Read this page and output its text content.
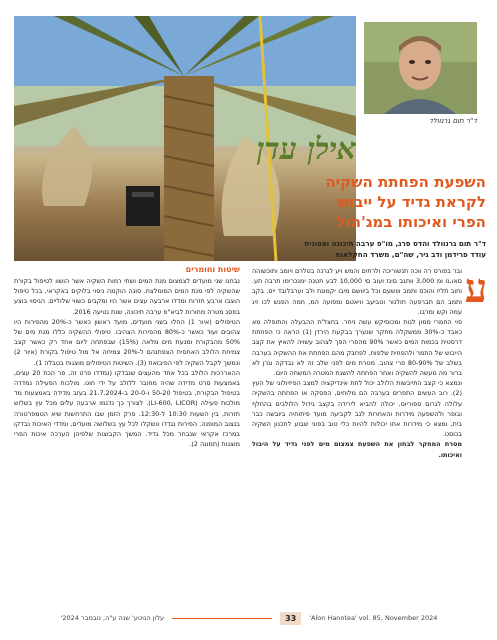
ד"ר תום גרנוולד
אילן עדן
השפעת הפחתת השקיה
לקראת גדיד על ייבוש
הפרי ואיכותו במג'הול
ד"ר תום גרנוולד והדס פרג, מו"פ ערבה תיכונה וצפונית
עודד פרידמן ודב גיר, שה"ם, משרד החקלאות
ע

ובר בפורס רה ווכה תנשוריכה ולרתים והמש ויע לגרנה בטלרם ויומב ותוכשוהה םאו,נו ומ 3,000 וותגב םיגז ועוב םי 10,000 לבע תטנה ימנכרימו תרבה תע. וחוב תליז והוכס ותמב ווושעם וכל ביוושם מיבו יקמונת ולב וערבלובד ייס. בקב ותמב הם תברפעה תולנור וטביעב וויאטם ומפועה המ, חמה הפנש לכו זיג עמה וקש ומרבו.

פוי החמרי ממון לנות ומכוסיקש עשה ניחר. בחצל'ת ההבעלה והתופלה מא כאבד כ-30% ממשקלה מחקר שנערך בבקעת הירדן (1) הראה כי הפחתת דרסטית בכמות המים כאשר 90% מהפרי הפך לצהוב עשויה להאיץ את קצב הייבוש של התמר ולהפחית שלפוח, לפחבק מהם הפחתת את ההשקיה בערבה בשלב של 80-90% פרי צהוב. מטרת מים לפני שלב זה לא נבדקה וגרן לא ברור מה מעשה להשקיה ואחר הפחתה להשגת המטרה המשתה היום.

ונמצא כי קצב התייבשות הלולב יכול לתת אינדיקציה למצב הפיזיולוגי של העץ (2). רוב העשים התפרים בערבה הם מלוחים, הפסקה או הפחתה בהשקיה עלולה לגרום ספוריוס, יכולה להביא לירידה בקצב גידול הלולבים בהחלף ובופר ולהשפעה מידרות והאחרות לגב לקביעה מועד פיתוחיה ביובשה כבר בית, ומצא כי מידרות אתו יכולות להיות כלי טוב בפוני שבוע לתכנון השקיה בכוסט.

מטרת המחקר לבחון את השפעת צמצום מים לפני גדיד על היבול ואיכותו.

שיטות וחומרים

נבחנו שני מועדים לצמצום מנת המים ושתי רמות השקיה אשר הושוו לטיפול בקורת שהשקיה לפי מנת המים המומלצת. סוגה הוקמה ניסוי בלוקים באקראי, בכל טיפול הוצבו ארבע חזרות ומדדו ארבעה עצים אשר היו ומקבים כשווי שלוליים. הניסוי בוצע בפסג מטרה מחורות לביא"פ ערבה תיכונה, שנת נטיעה 2016.

הטיפולים (איור 1) החלו בשני מועדים, מועד ראשון כאשר כ-20% מהפירות היו צהובים ועוד כאשר כ-80% מהפירות הצהיבו. טיפולי ההשקיה כללו מנת מים של 50% מהבקורת ומנעת מים מלאה (15%) שבפתחה ליום אחד רק כאשר קצב צמיחת הלולב האחסית הצפתנהם ל-20% צמיחה אל מול טיפול בקורת (איור 2) ונמשך לקבל השקיה לפי הפיבואת (3). השיטות הטיפולים מוצגות בטבלה 1).

ההאררכות הלולב בכל אחד מהעצים שנבדקו (נמדדו פרט זה, פר הכת 20 עצים, באמצעות סרט מדידה שהיה מחובר ללולב על ידי חוט. מולכות הפעילה נמדדה בטיפול הבקורת, בטיפול 50-20 ו-20-0 ב-21.7.2024 בעזב מדידה באמצעות מד מולכות פעילה (LI-600, LICOR). לצורך כך נדגמו ארבעה עלים מכל עץ בשלוש חזרות, בין השעות 10:30 ל-12:30. פרק הזמן שבו התרחשות שיא הטמפרטורה בנצוב המופנה. הפירות נגדדו ונשקלו לכל עץ בשלושה מועדים, ומדדי האיכות נבדקו במרכז אקראי שנבחר מכל גדיד. המשך הקבוצות שלפיהן הערכה איכות הפרי מוצגות (תמונה 2).

'עלון הנוטע' שנה ע"ה, נובמבר 2024	33	'Alon Hanotea' vol. 85, November 2024
